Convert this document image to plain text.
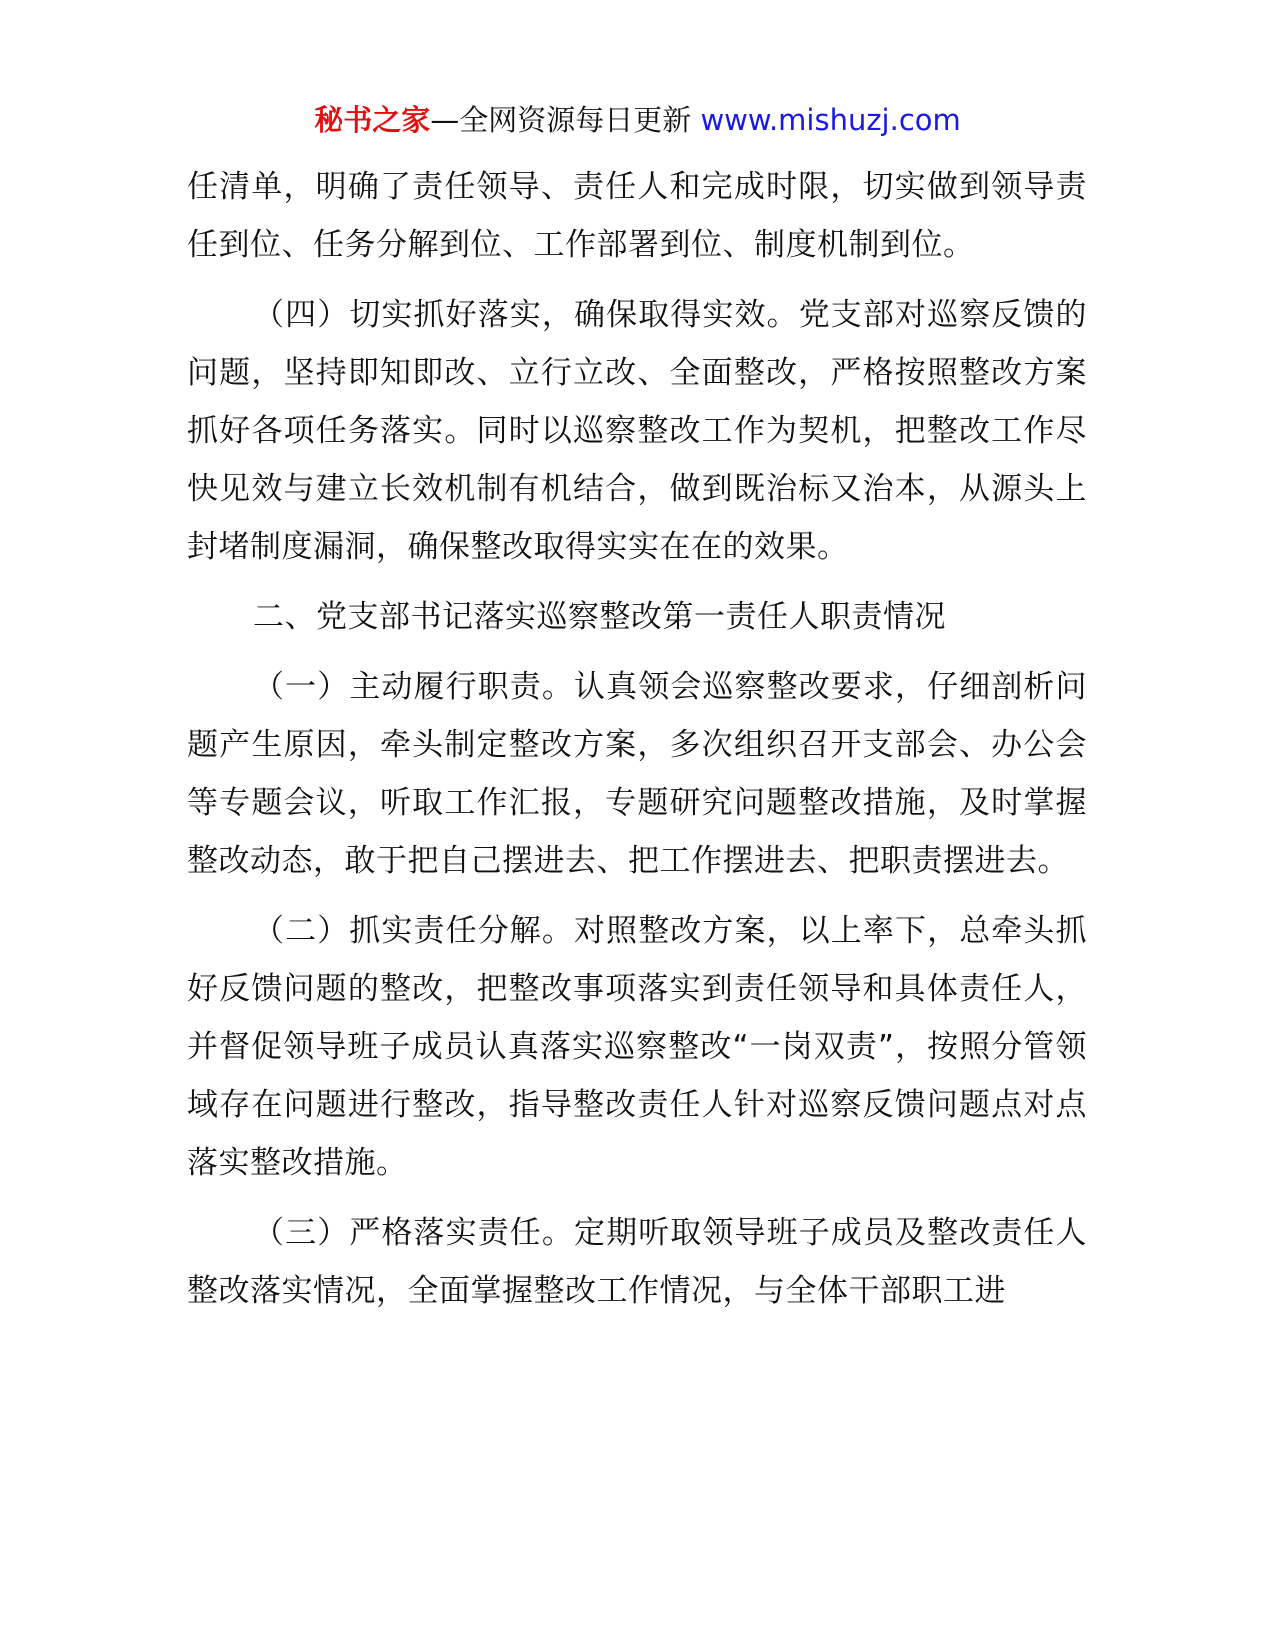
秘书之家—全网资源每日更新 www.mishuzj.com

任清单，明确了责任领导、责任人和完成时限，切实做到领导责任到位、任务分解到位、工作部署到位、制度机制到位。

（四）切实抓好落实，确保取得实效。党支部对巡察反馈的问题，坚持即知即改、立行立改、全面整改，严格按照整改方案抓好各项任务落实。同时以巡察整改工作为契机，把整改工作尽快见效与建立长效机制有机结合，做到既治标又治本，从源头上封堵制度漏洞，确保整改取得实实在在的效果。

二、党支部书记落实巡察整改第一责任人职责情况

（一）主动履行职责。认真领会巡察整改要求，仔细剖析问题产生原因，牵头制定整改方案，多次组织召开支部会、办公会等专题会议，听取工作汇报，专题研究问题整改措施，及时掌握整改动态，敢于把自己摆进去、把工作摆进去、把职责摆进去。

（二）抓实责任分解。对照整改方案，以上率下，总牵头抓好反馈问题的整改，把整改事项落实到责任领导和具体责任人，并督促领导班子成员认真落实巡察整改“一岗双责”，按照分管领域存在问题进行整改，指导整改责任人针对巡察反馈问题点对点落实整改措施。

（三）严格落实责任。定期听取领导班子成员及整改责任人整改落实情况，全面掌握整改工作情况，与全体干部职工进
